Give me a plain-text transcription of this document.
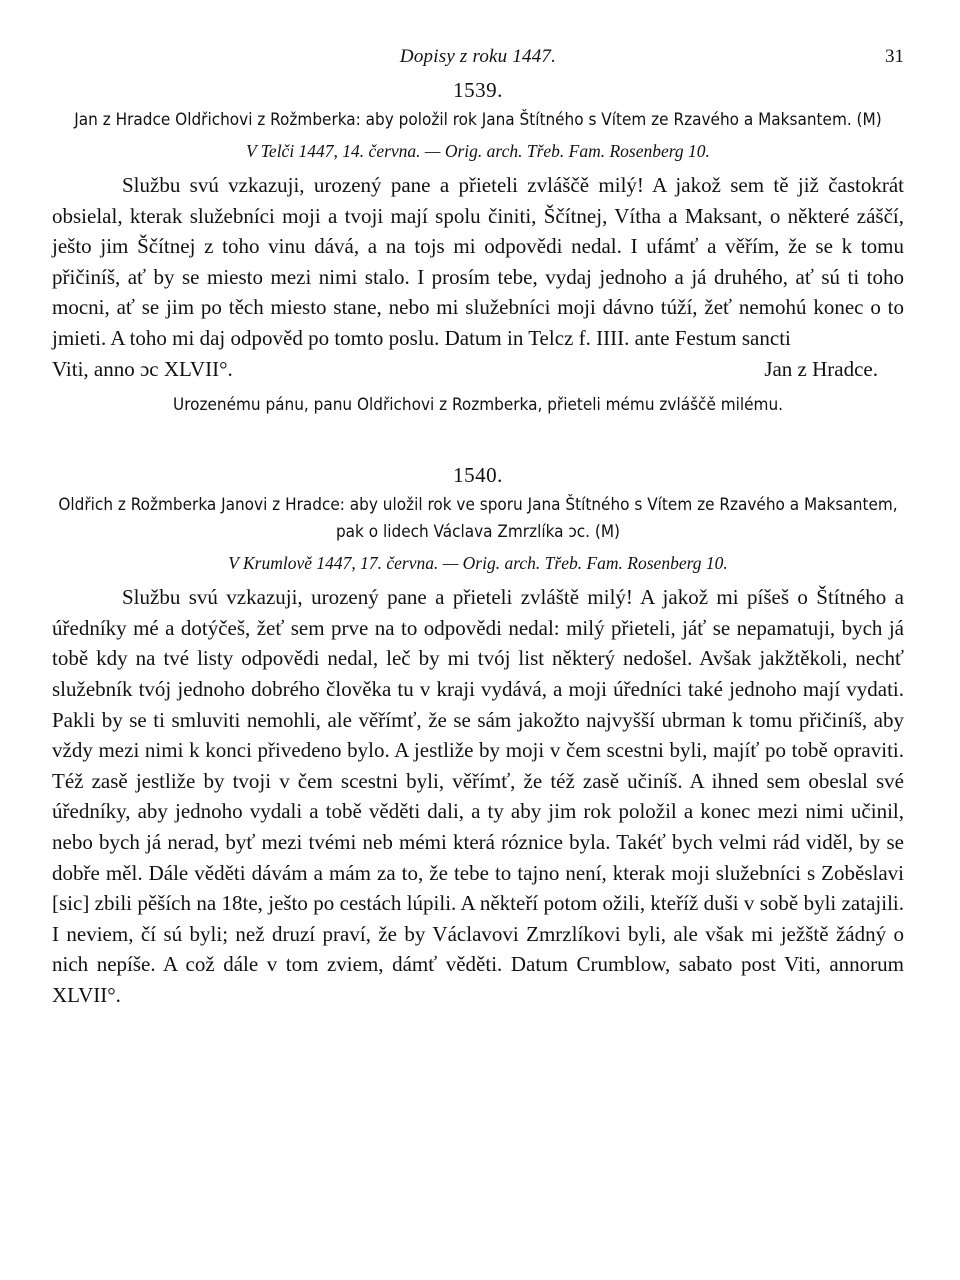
Dopisy z roku 1447.	31

1539.

Jan z Hradce Oldřichovi z Rožmberka: aby položil rok Jana Štítného s Vítem ze Rzavého a Maksantem. (M)

V Telči 1447, 14. června. — Orig. arch. Třeb. Fam. Rosenberg 10.

Službu svú vzkazuji, urozený pane a přieteli zvláščě milý! A jakož sem tě již častokrát obsielal, kterak služebníci moji a tvoji mají spolu činiti, Ščítnej, Vítha a Maksant, o některé záščí, ješto jim Ščítnej z toho vinu dává, a na tojs mi odpovědi nedal. I ufámť a věřím, že se k tomu přičiníš, ať by se miesto mezi nimi stalo. I prosím tebe, vydaj jednoho a já druhého, ať sú ti toho mocni, ať se jim po těch miesto stane, nebo mi služebníci moji dávno túží, žeť nemohú konec o to jmieti. A toho mi daj odpověd po tomto poslu. Datum in Telcz f. IIII. ante Festum sancti

Viti, anno ɔc XLVII°.	Jan z Hradce.

Urozenému pánu, panu Oldřichovi z Rozmberka, přieteli mému zvláščě milému.

1540.

Oldřich z Rožmberka Janovi z Hradce: aby uložil rok ve sporu Jana Štítného s Vítem ze Rzavého a Maksantem, pak o lidech Václava Zmrzlíka ɔc. (M)

V Krumlově 1447, 17. června. — Orig. arch. Třeb. Fam. Rosenberg 10.

Službu svú vzkazuji, urozený pane a přieteli zvláště milý! A jakož mi píšeš o Štítného a úředníky mé a dotýčeš, žeť sem prve na to odpovědi nedal: milý přieteli, jáť se nepamatuji, bych já tobě kdy na tvé listy odpovědi nedal, leč by mi tvój list některý nedošel. Avšak jakžtěkoli, nechť služebník tvój jednoho dobrého člověka tu v kraji vydává, a moji úředníci také jednoho mají vydati. Pakli by se ti smluviti nemohli, ale věřímť, že se sám jakožto najvyšší ubrman k tomu přičiníš, aby vždy mezi nimi k konci přivedeno bylo. A jestliže by moji v čem scestni byli, majíť po tobě opraviti. Též zasě jestliže by tvoji v čem scestni byli, věřímť, že též zasě učiníš. A ihned sem obeslal své úředníky, aby jednoho vydali a tobě věděti dali, a ty aby jim rok položil a konec mezi nimi učinil, nebo bych já nerad, byť mezi tvémi neb mémi která róznice byla. Takéť bych velmi rád viděl, by se dobře měl. Dále věděti dávám a mám za to, že tebe to tajno není, kterak moji služebníci s Zoběslavi [sic] zbili pěších na 18te, ješto po cestách lúpili. A někteří potom ožili, kteříž duši v sobě byli zatajili. I neviem, čí sú byli; než druzí praví, že by Václavovi Zmrzlíkovi byli, ale však mi ježště žádný o nich nepíše. A což dále v tom zviem, dámť věděti. Datum Crumblow, sabato post Viti, annorum XLVII°.
